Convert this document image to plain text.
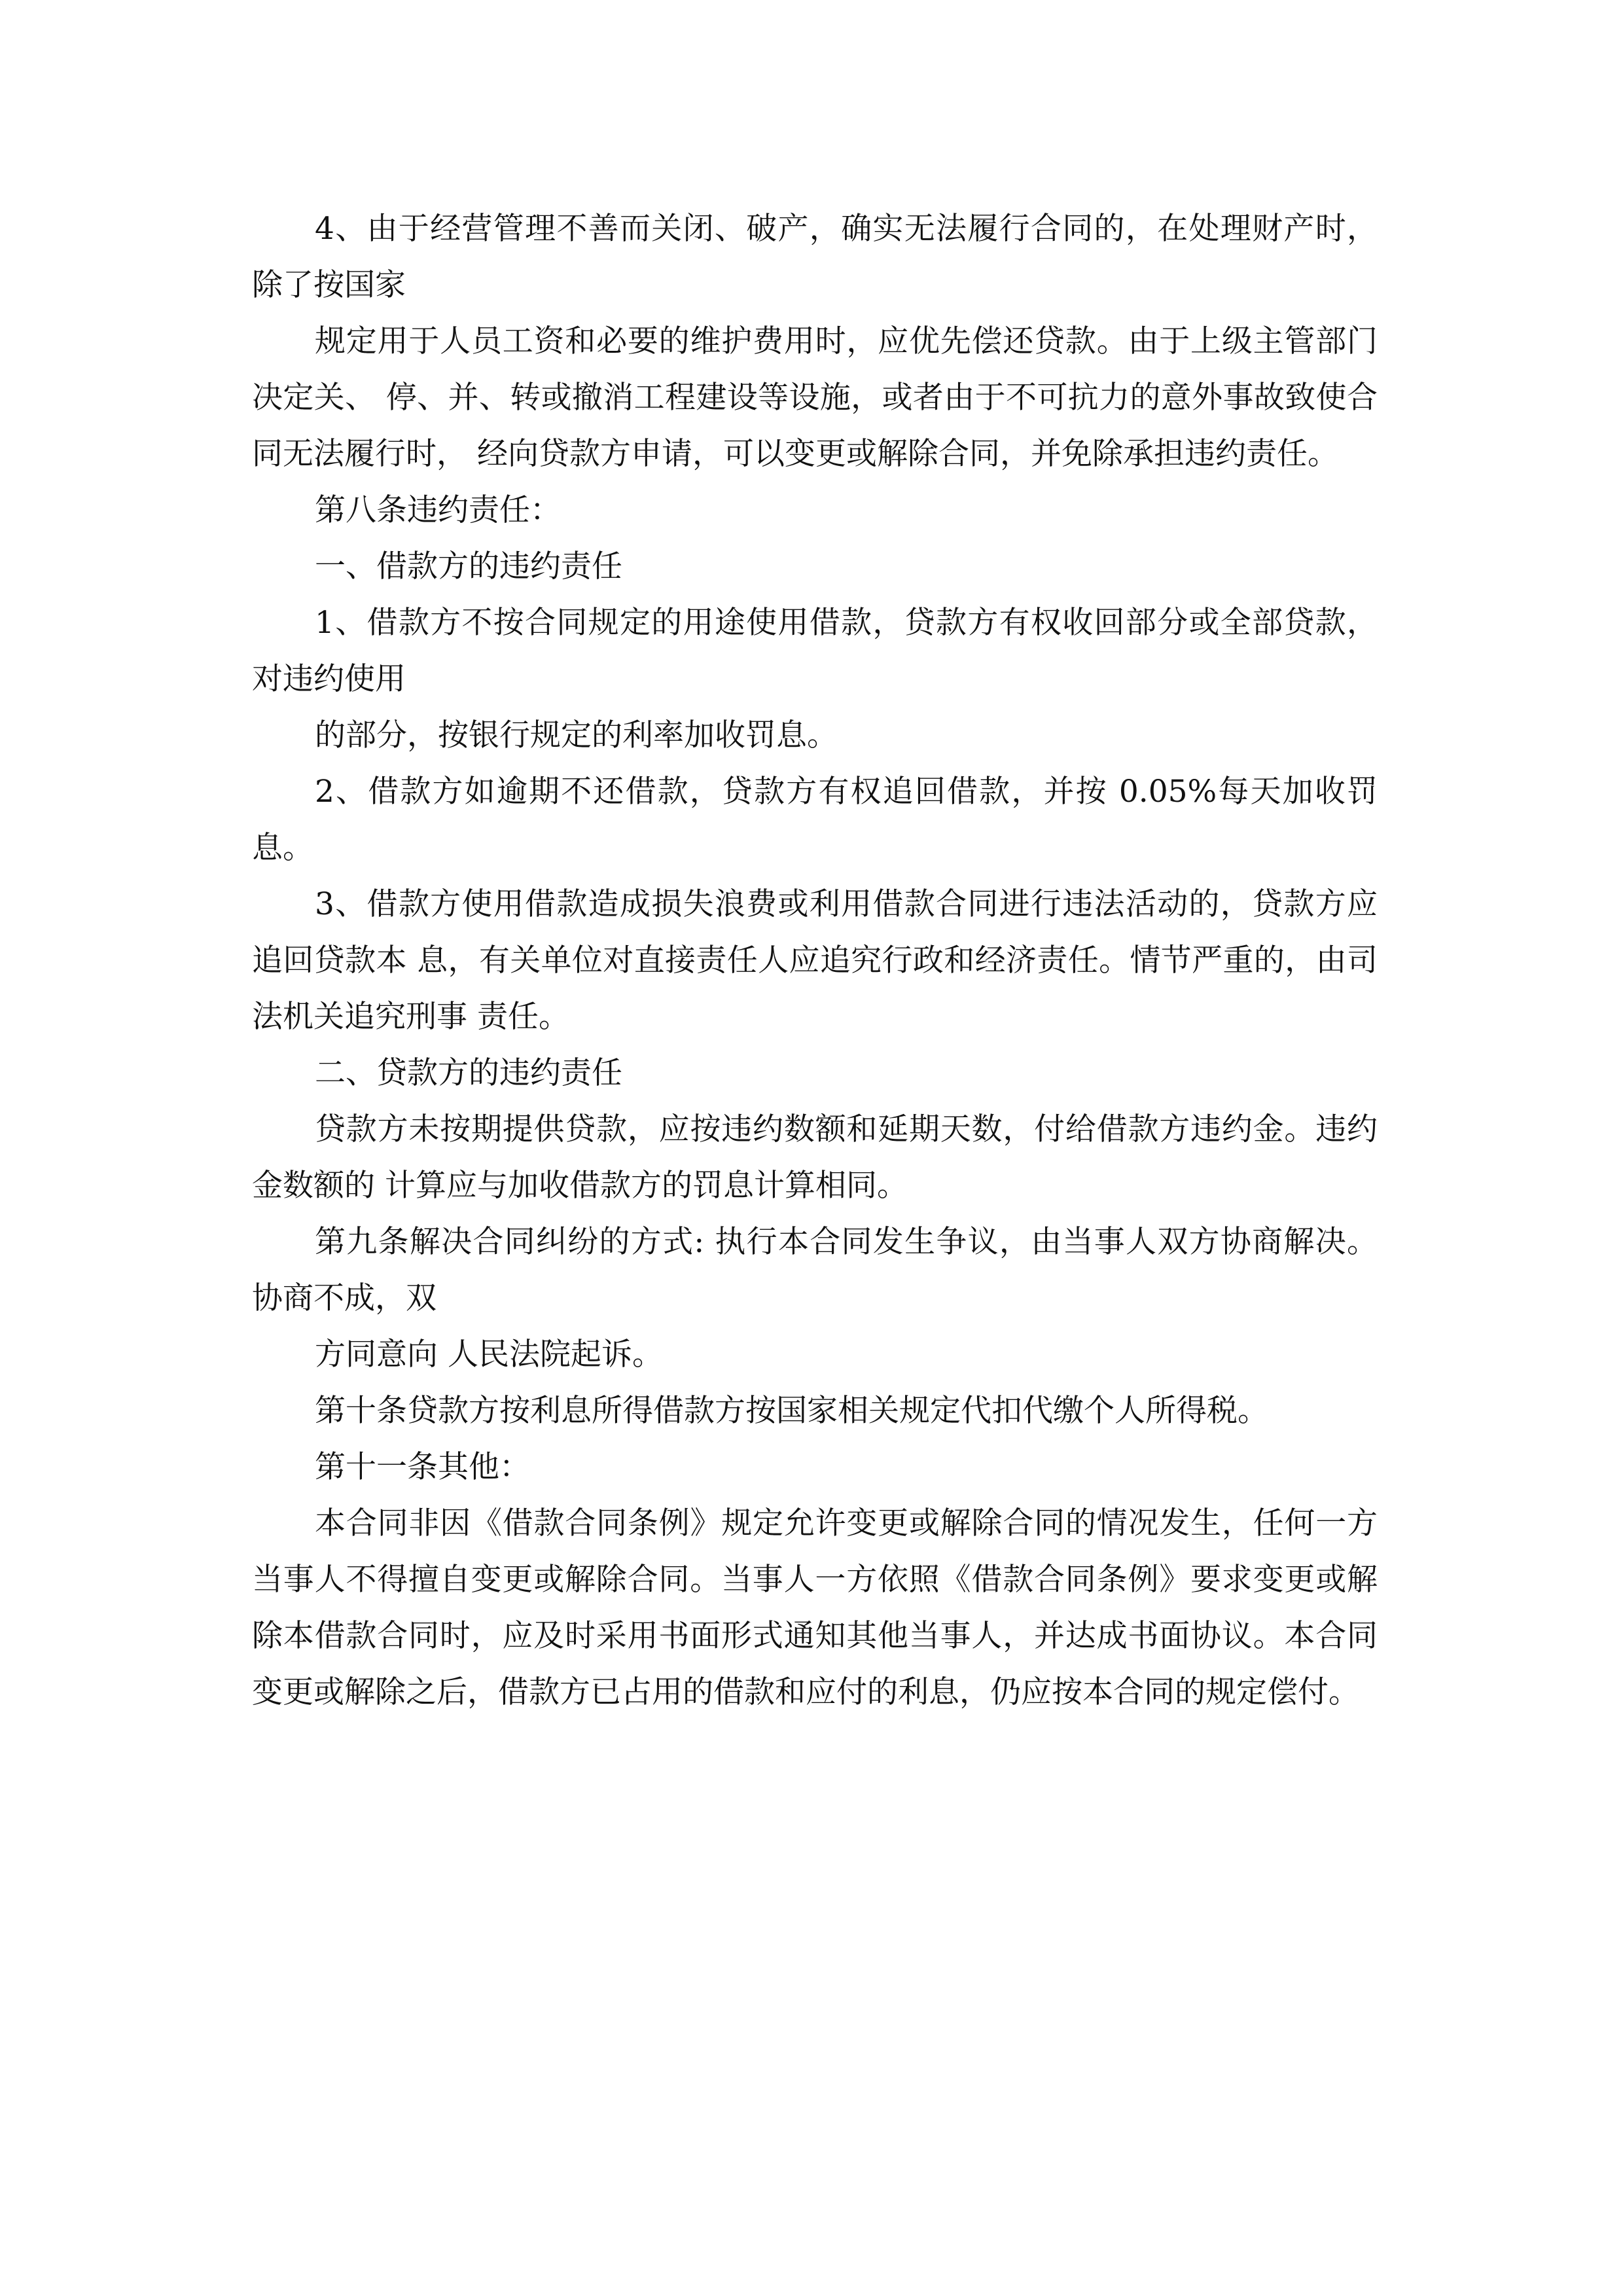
4、由于经营管理不善而关闭、破产，确实无法履行合同的，在处理财产时，除了按国家

规定用于人员工资和必要的维护费用时，应优先偿还贷款。由于上级主管部门决定关、 停、并、转或撤消工程建设等设施，或者由于不可抗力的意外事故致使合同无法履行时， 经向贷款方申请，可以变更或解除合同，并免除承担违约责任。

第八条违约责任：

一、借款方的违约责任

1、借款方不按合同规定的用途使用借款，贷款方有权收回部分或全部贷款，对违约使用

的部分，按银行规定的利率加收罚息。

2、借款方如逾期不还借款，贷款方有权追回借款，并按 0.05%每天加收罚息。

3、借款方使用借款造成损失浪费或利用借款合同进行违法活动的，贷款方应追回贷款本 息，有关单位对直接责任人应追究行政和经济责任。情节严重的，由司法机关追究刑事 责任。

二、贷款方的违约责任

贷款方未按期提供贷款，应按违约数额和延期天数，付给借款方违约金。违约金数额的 计算应与加收借款方的罚息计算相同。

第九条解决合同纠纷的方式: 执行本合同发生争议，由当事人双方协商解决。协商不成，双

方同意向 人民法院起诉。

第十条贷款方按利息所得借款方按国家相关规定代扣代缴个人所得税。

第十一条其他：

本合同非因《借款合同条例》规定允许变更或解除合同的情况发生，任何一方当事人不得擅自变更或解除合同。当事人一方依照《借款合同条例》要求变更或解除本借款合同时，应及时采用书面形式通知其他当事人，并达成书面协议。本合同变更或解除之后，借款方已占用的借款和应付的利息，仍应按本合同的规定偿付。
